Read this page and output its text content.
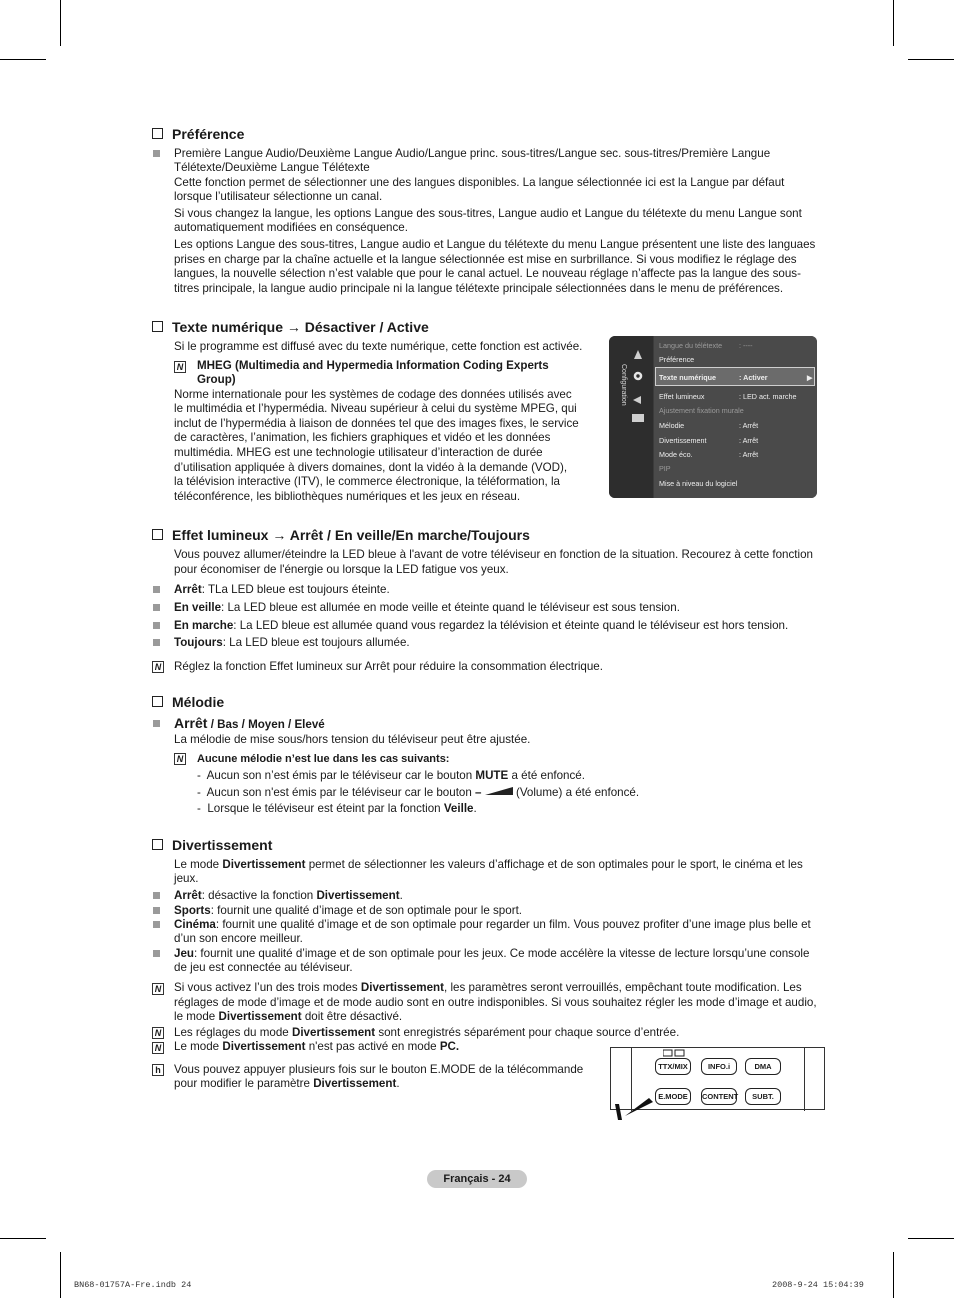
Préférence

Première Langue Audio/Deuxième Langue Audio/Langue princ. sous-titres/Langue sec. sous-titres/Première Langue

Télétexte/Deuxième Langue Télétexte

Cette fonction permet de sélectionner une des langues disponibles. La langue sélectionnée ici est la Langue par défaut

lorsque l’utilisateur sélectionne un canal.

Si vous changez la langue, les options Langue des sous-titres, Langue audio et Langue du télétexte du menu Langue sont

automatiquement modifiées en conséquence.

Les options Langue des sous-titres, Langue audio et Langue du télétexte du menu Langue présentent une liste des languaes

prises en charge par la chaîne actuelle et la langue sélectionnée est mise en surbrillance. Si vous modifiez le réglage des

langues, la nouvelle sélection n’est valable que pour le canal actuel. Le nouveau réglage n’affecte pas la langue des sous-

titres principale, la langue audio principale ni la langue télétexte principale sélectionnées dans le menu de préférences.

Texte numérique → Désactiver / Active

Si le programme est diffusé avec du texte numérique, cette fonction est activée.

N MHEG (Multimedia and Hypermedia Information Coding Experts

Group)

Norme internationale pour les systèmes de codage des données utilisés avec

le multimédia et l’hypermédia. Niveau supérieur à celui du système MPEG, qui

inclut de l’hypermédia à liaison de données tel que des images fixes, le service

de caractères, l’animation, les fichiers graphiques et vidéo et les données

multimédia. MHEG est une technologie utilisateur d’interaction de durée

d’utilisation appliquée à divers domaines, dont la vidéo à la demande (VOD),

la télévision interactive (ITV), le commerce électronique, la téléformation, la

téléconférence, les bibliothèques numériques et les jeux en réseau.

Configuration
Langue du télétexte : ----
Préférence
Texte numérique	: Activer	▶
Effet lumineux	: LED act. marche
Ajustement fixation murale
Mélodie	: Arrêt
Divertissement	: Arrêt
Mode éco.	: Arrêt
PIP
Mise à niveau du logiciel
Effet lumineux → Arrêt / En veille/En marche/Toujours

Vous pouvez allumer/éteindre la LED bleue à l'avant de votre téléviseur en fonction de la situation. Recourez à cette fonction

pour économiser de l'énergie ou lorsque la LED fatigue vos yeux.

Arrêt: TLa LED bleue est toujours éteinte.

En veille: La LED bleue est allumée en mode veille et éteinte quand le téléviseur est sous tension.

En marche: La LED bleue est allumée quand vous regardez la télévision et éteinte quand le téléviseur est hors tension.

Toujours: La LED bleue est toujours allumée.

N Réglez la fonction Effet lumineux sur Arrêt pour réduire la consommation électrique.

Mélodie

Arrêt / Bas / Moyen / Elevé

La mélodie de mise sous/hors tension du téléviseur peut être ajustée.

N Aucune mélodie n’est lue dans les cas suivants:

-  Aucun son n’est émis par le téléviseur car le bouton MUTE a été enfoncé.
-  Aucun son n'est émis par le téléviseur car le bouton –	(Volume) a été enfoncé.
-  Lorsque le téléviseur est éteint par la fonction Veille.
Divertissement

Le mode Divertissement permet de sélectionner les valeurs d’affichage et de son optimales pour le sport, le cinéma et les

jeux.

Arrêt: désactive la fonction Divertissement.

Sports: fournit une qualité d’image et de son optimale pour le sport.

Cinéma: fournit une qualité d’image et de son optimale pour regarder un film. Vous pouvez profiter d’une image plus belle et

d’un son encore meilleur.

Jeu: fournit une qualité d’image et de son optimale pour les jeux. Ce mode accélère la vitesse de lecture lorsqu’une console

de jeu est connectée au téléviseur.

N Si vous activez l’un des trois modes Divertissement, les paramètres seront verrouillés, empêchant toute modification. Les

réglages de mode d’image et de mode audio sont en outre indisponibles. Si vous souhaitez régler les mode d’image et audio,

le mode Divertissement doit être désactivé.

N Les réglages du mode Divertissement sont enregistrés séparément pour chaque source d’entrée.

N Le mode Divertissement n'est pas activé en mode PC.

h Vous pouvez appuyer plusieurs fois sur le bouton E.MODE de la télécommande

pour modifier le paramètre Divertissement.

TTX/MIX	INFO.i	DMA
E.MODE	CONTENT	SUBT.
Français - 24
BN68-01757A-Fre.indb 24	2008-9-24 15:04:39
